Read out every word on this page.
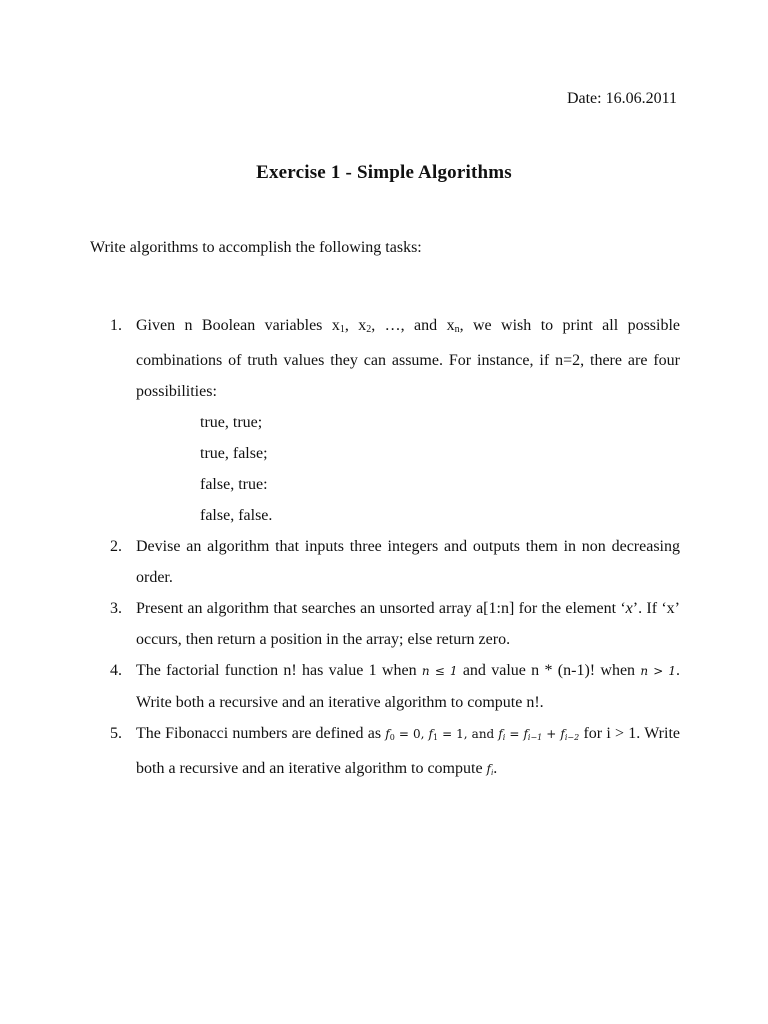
Date: 16.06.2011
Exercise 1 - Simple Algorithms
Write algorithms to accomplish the following tasks:
1. Given n Boolean variables $x_1$, $x_2$, …, and $x_n$, we wish to print all possible combinations of truth values they can assume. For instance, if n=2, there are four possibilities:
true, true;
true, false;
false, true:
false, false.
2. Devise an algorithm that inputs three integers and outputs them in non decreasing order.
3. Present an algorithm that searches an unsorted array a[1:n] for the element ‘x’. If ‘x’ occurs, then return a position in the array; else return zero.
4. The factorial function n! has value 1 when n ≤ 1 and value n * (n-1)! when n > 1. Write both a recursive and an iterative algorithm to compute n!.
5. The Fibonacci numbers are defined as f0 = 0, f1 = 1, and fi = fi−1 + fi−2 for i > 1. Write both a recursive and an iterative algorithm to compute fi.
